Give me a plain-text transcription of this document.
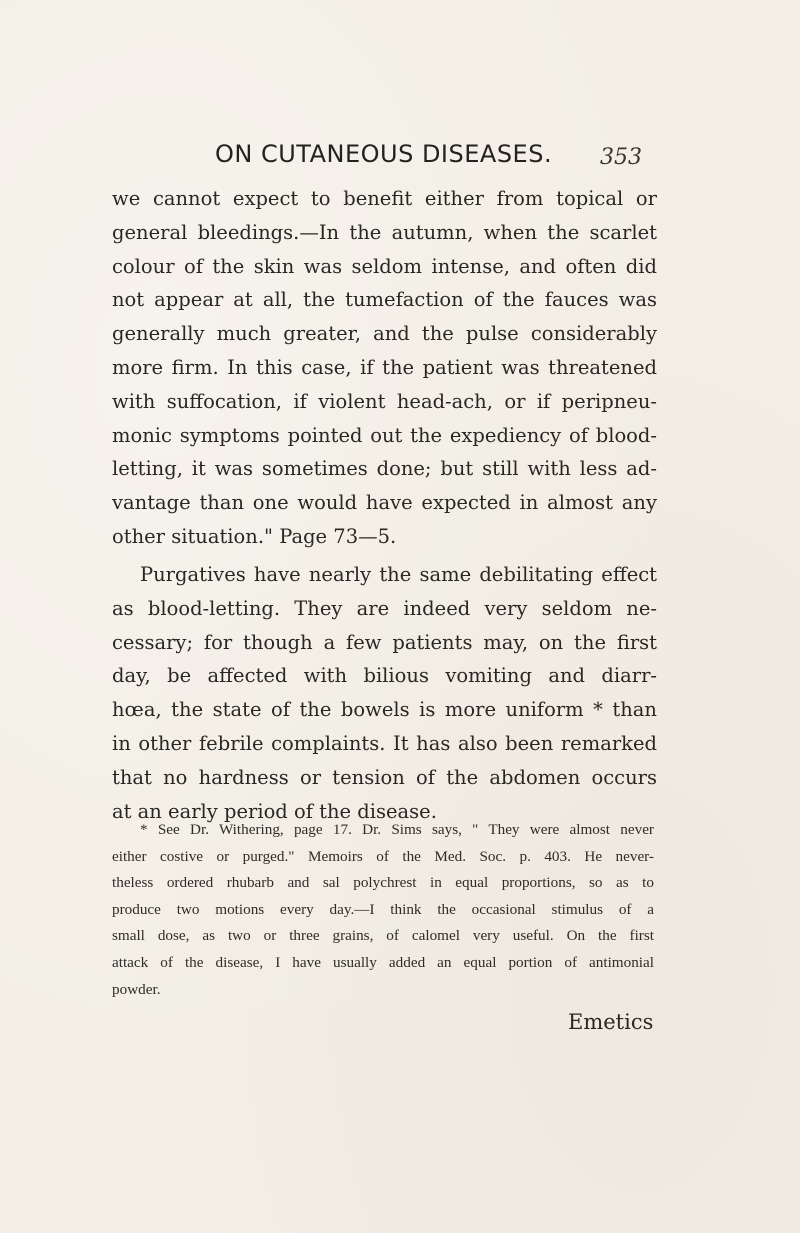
ON CUTANEOUS DISEASES. 353
we cannot expect to benefit either from topical or
general bleedings.—In the autumn, when the scarlet
colour of the skin was seldom intense, and often did
not appear at all, the tumefaction of the fauces was
generally much greater, and the pulse considerably
more firm. In this case, if the patient was threatened
with suffocation, if violent head-ach, or if peripneu-
monic symptoms pointed out the expediency of blood-
letting, it was sometimes done; but still with less ad-
vantage than one would have expected in almost any
other situation." Page 73—5.
Purgatives have nearly the same debilitating effect
as blood-letting. They are indeed very seldom ne-
cessary; for though a few patients may, on the first
day, be affected with bilious vomiting and diarr-
hœa, the state of the bowels is more uniform * than
in other febrile complaints. It has also been remarked
that no hardness or tension of the abdomen occurs
at an early period of the disease.
* See Dr. Withering, page 17. Dr. Sims says, " They were almost never
either costive or purged." Memoirs of the Med. Soc. p. 403. He never-
theless ordered rhubarb and sal polychrest in equal proportions, so as to
produce two motions every day.—I think the occasional stimulus of a
small dose, as two or three grains, of calomel very useful. On the first
attack of the disease, I have usually added an equal portion of antimonial
powder.
Emetics
